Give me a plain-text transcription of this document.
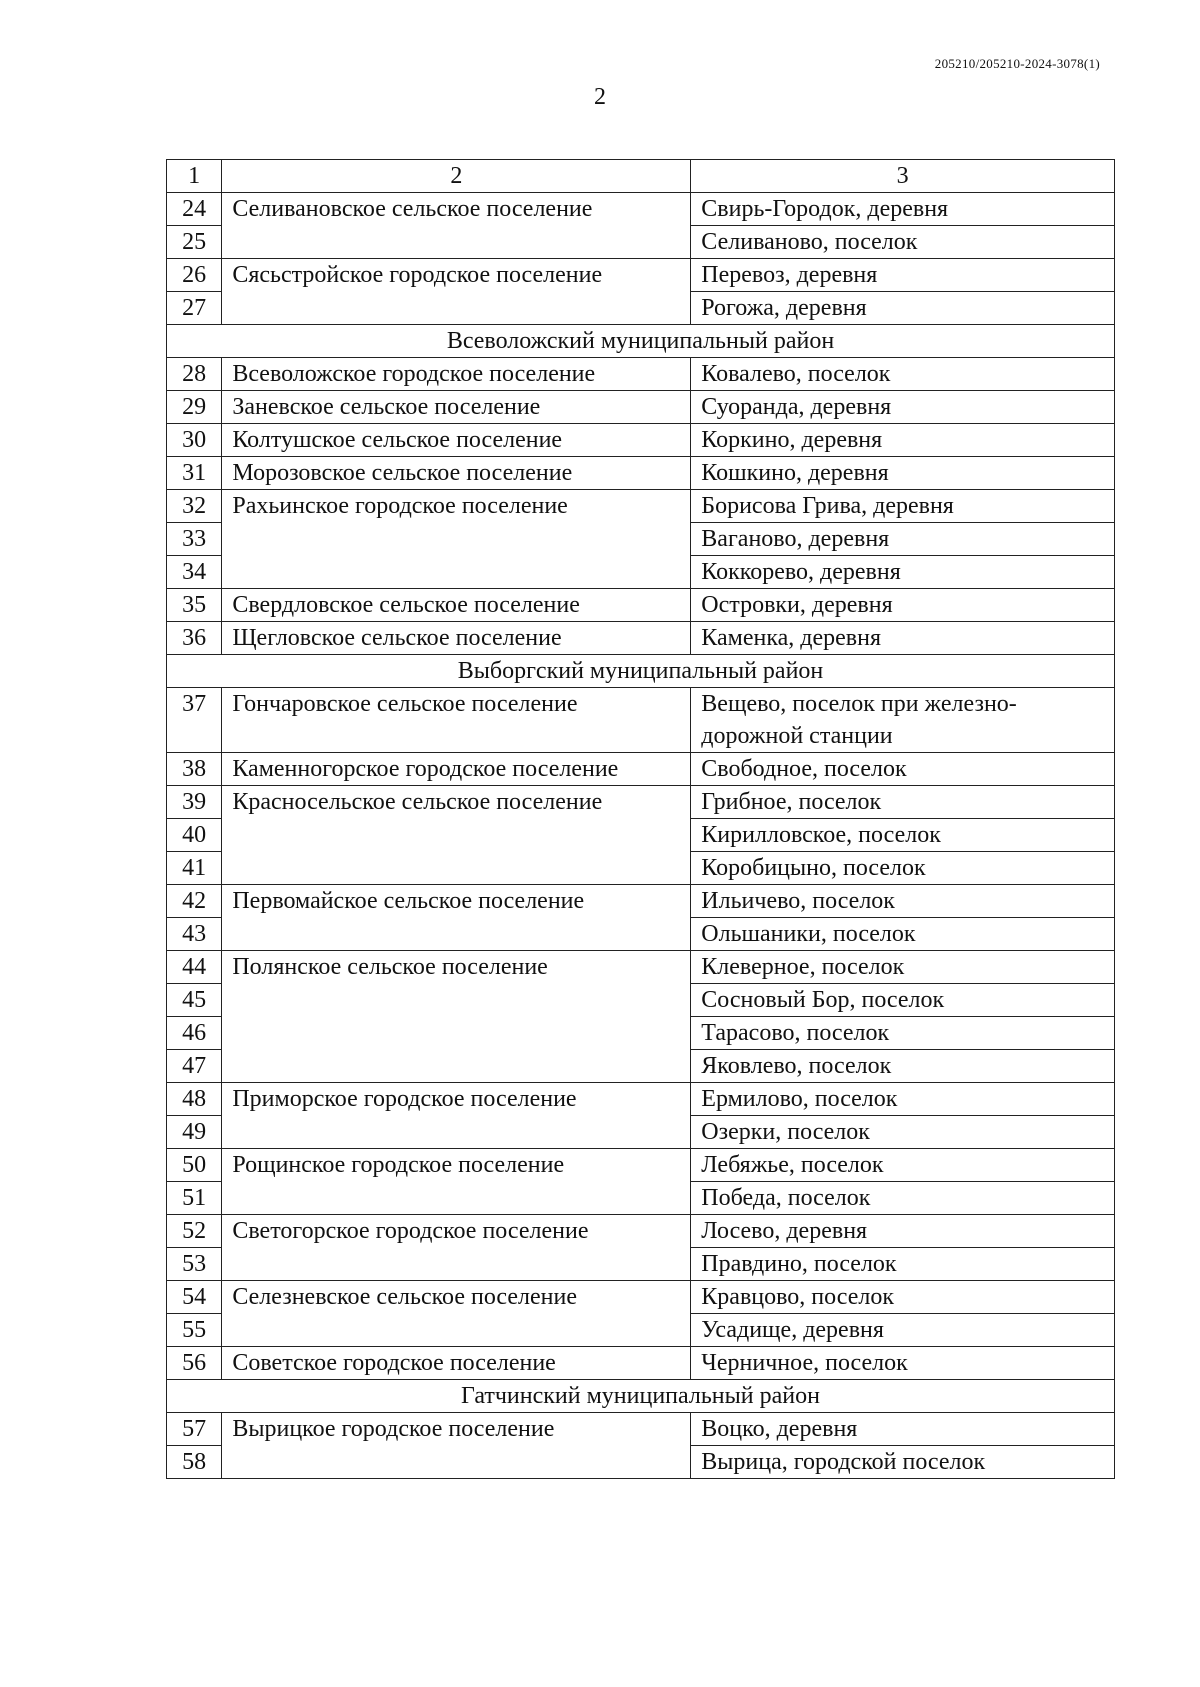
205210/205210-2024-3078(1)
2
1	2	3
24	Селивановское сельское поселение	Свирь-Городок, деревня
25		Селиваново, поселок
26	Сясьстройское городское поселение	Перевоз, деревня
27		Рогожа, деревня
Всеволожский муниципальный район		
28	Всеволожское городское поселение	Ковалево, поселок
29	Заневское сельское поселение	Суоранда, деревня
30	Колтушское сельское поселение	Коркино, деревня
31	Морозовское сельское поселение	Кошкино, деревня
32	Рахьинское городское поселение	Борисова Грива, деревня
33		Ваганово, деревня
34		Коккорево, деревня
35	Свердловское сельское поселение	Островки, деревня
36	Щегловское сельское поселение	Каменка, деревня
Выборгский муниципальный район		
37	Гончаровское сельское поселение	Вещево, поселок при железно-дорожной станции
38	Каменногорское городское поселение	Свободное, поселок
39	Красносельское сельское поселение	Грибное, поселок
40		Кирилловское, поселок
41		Коробицыно, поселок
42	Первомайское сельское поселение	Ильичево, поселок
43		Ольшаники, поселок
44	Полянское сельское поселение	Клеверное, поселок
45		Сосновый Бор, поселок
46		Тарасово, поселок
47		Яковлево, поселок
48	Приморское городское поселение	Ермилово, поселок
49		Озерки, поселок
50	Рощинское городское поселение	Лебяжье, поселок
51		Победа, поселок
52	Светогорское городское поселение	Лосево, деревня
53		Правдино, поселок
54	Селезневское сельское поселение	Кравцово, поселок
55		Усадище, деревня
56	Советское городское поселение	Черничное, поселок
Гатчинский муниципальный район		
57	Вырицкое городское поселение	Воцко, деревня
58		Вырица, городской поселок
